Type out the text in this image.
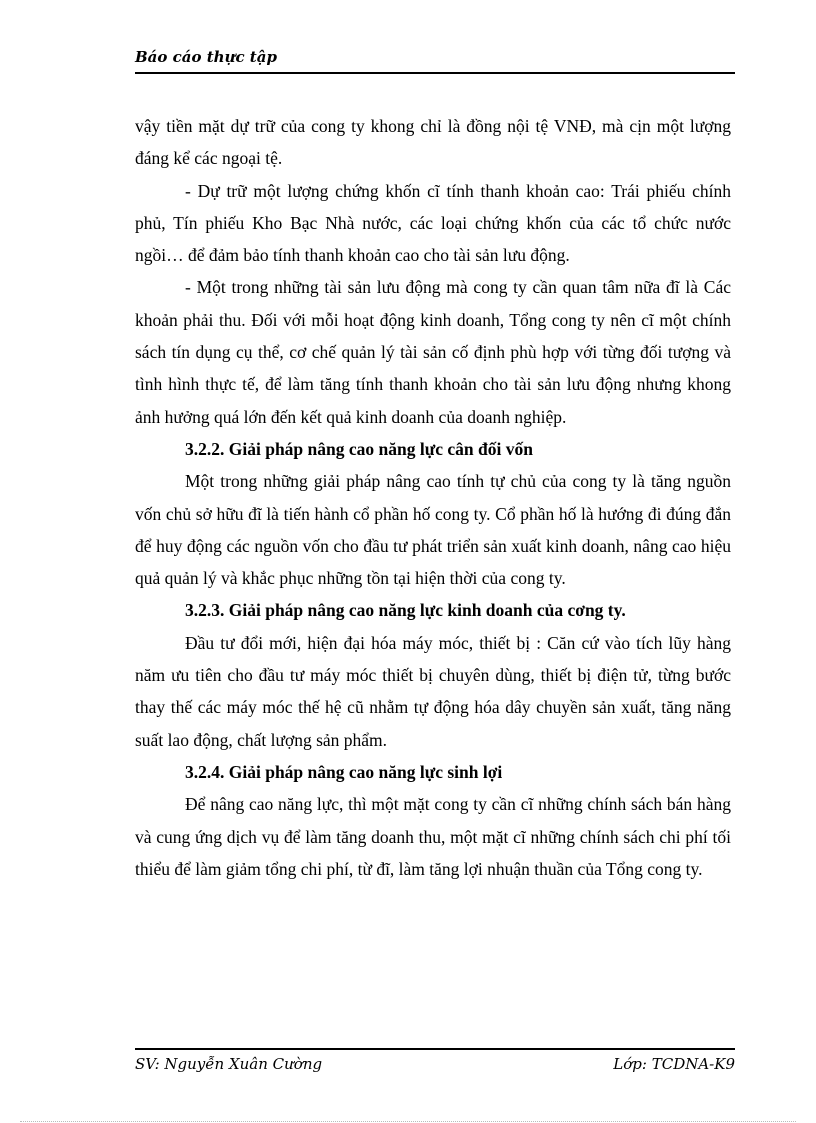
Báo cáo thực tập

vậy tiền mặt dự trữ của cong ty khong chỉ là đồng nội tệ VNĐ, mà cịn một lượng đáng kể các ngoại tệ.

- Dự trữ một lượng chứng khốn cĩ tính thanh khoản cao: Trái phiếu chính phủ, Tín phiếu Kho Bạc Nhà nước, các loại chứng khốn của các tổ chức nước ngồi… để đảm bảo tính thanh khoản cao cho tài sản lưu động.

- Một trong những tài sản lưu động mà cong ty cần quan tâm nữa đĩ là Các khoản phải thu. Đối với mỗi hoạt động kinh doanh, Tổng cong ty nên cĩ một chính sách tín dụng cụ thể, cơ chế quản lý tài sản cố định phù hợp với từng đối tượng và tình hình thực tế, để làm tăng tính thanh khoản cho tài sản lưu động nhưng khong ảnh hưởng quá lớn đến kết quả kinh doanh của doanh nghiệp.

3.2.2. Giải pháp nâng cao năng lực cân đối vốn

Một trong những giải pháp nâng cao tính tự chủ của cong ty là tăng nguồn vốn chủ sở hữu đĩ là tiến hành cổ phần hố cong ty. Cổ phần hố là hướng đi đúng đắn để huy động các nguồn vốn cho đầu tư phát triển sản xuất kinh doanh, nâng cao hiệu quả quản lý và khắc phục những tồn tại hiện thời của cong ty.

3.2.3. Giải pháp nâng cao năng lực kinh doanh của cơng ty.

Đầu tư đổi mới, hiện đại hóa máy móc, thiết bị : Căn cứ vào tích lũy hàng năm ưu tiên cho đầu tư máy móc thiết bị chuyên dùng, thiết bị điện tử, từng bước thay thế các máy móc thế hệ cũ nhằm tự động hóa dây chuyền sản xuất, tăng năng suất lao động, chất lượng sản phẩm.

3.2.4. Giải pháp nâng cao năng lực sinh lợi

Để nâng cao năng lực, thì một mặt cong ty cần cĩ những chính sách bán hàng và cung ứng dịch vụ để làm tăng doanh thu, một mặt cĩ những chính sách chi phí tối thiểu để làm giảm tổng chi phí, từ đĩ, làm tăng lợi nhuận thuần của Tổng cong ty.

SV: Nguyễn Xuân Cường	Lớp: TCDNA-K9
